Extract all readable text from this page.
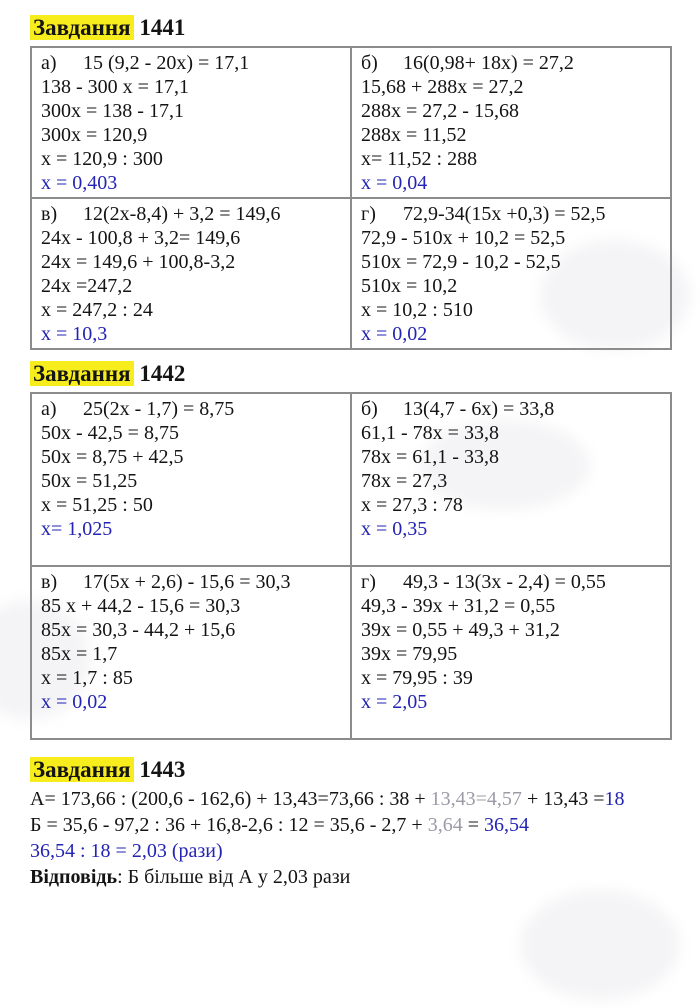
Завдання 1441
а) 15 (9,2 - 20x) = 17,1
138 - 300 x = 17,1
300x = 138 - 17,1
300x = 120,9
x = 120,9 : 300
x = 0,403

б) 16(0,98+ 18x) = 27,2
15,68 + 288x = 27,2
288x = 27,2 - 15,68
288x = 11,52
x= 11,52 : 288
x = 0,04

в) 12(2x-8,4) + 3,2 = 149,6
24x - 100,8 + 3,2= 149,6
24x = 149,6 + 100,8-3,2
24x =247,2
x = 247,2 : 24
x = 10,3

г) 72,9-34(15x +0,3) = 52,5
72,9 - 510x + 10,2 = 52,5
510x = 72,9 - 10,2 - 52,5
510x = 10,2
x = 10,2 : 510
x = 0,02
Завдання 1442
а) 25(2x - 1,7) = 8,75
50x - 42,5 = 8,75
50x = 8,75 + 42,5
50x = 51,25
x = 51,25 : 50
x= 1,025

б) 13(4,7 - 6x) = 33,8
61,1 - 78x = 33,8
78x = 61,1 - 33,8
78x = 27,3
x = 27,3 : 78
x = 0,35

в) 17(5x + 2,6) - 15,6 = 30,3
85 x + 44,2 - 15,6 = 30,3
85x = 30,3 - 44,2 + 15,6
85x = 1,7
x = 1,7 : 85
x = 0,02

г) 49,3 - 13(3x - 2,4) = 0,55
49,3 - 39x + 31,2 = 0,55
39x = 0,55 + 49,3 + 31,2
39x = 79,95
x = 79,95 : 39
x = 2,05
Завдання 1443
А= 173,66 : (200,6 - 162,6) + 13,43=73,66 : 38 + 13,43=4,57 + 13,43 =18
Б = 35,6 - 97,2 : 36 + 16,8-2,6 : 12 = 35,6 - 2,7 + 3,64 = 36,54
36,54 : 18 = 2,03 (рази)
Відповідь: Б більше від А у 2,03 рази
